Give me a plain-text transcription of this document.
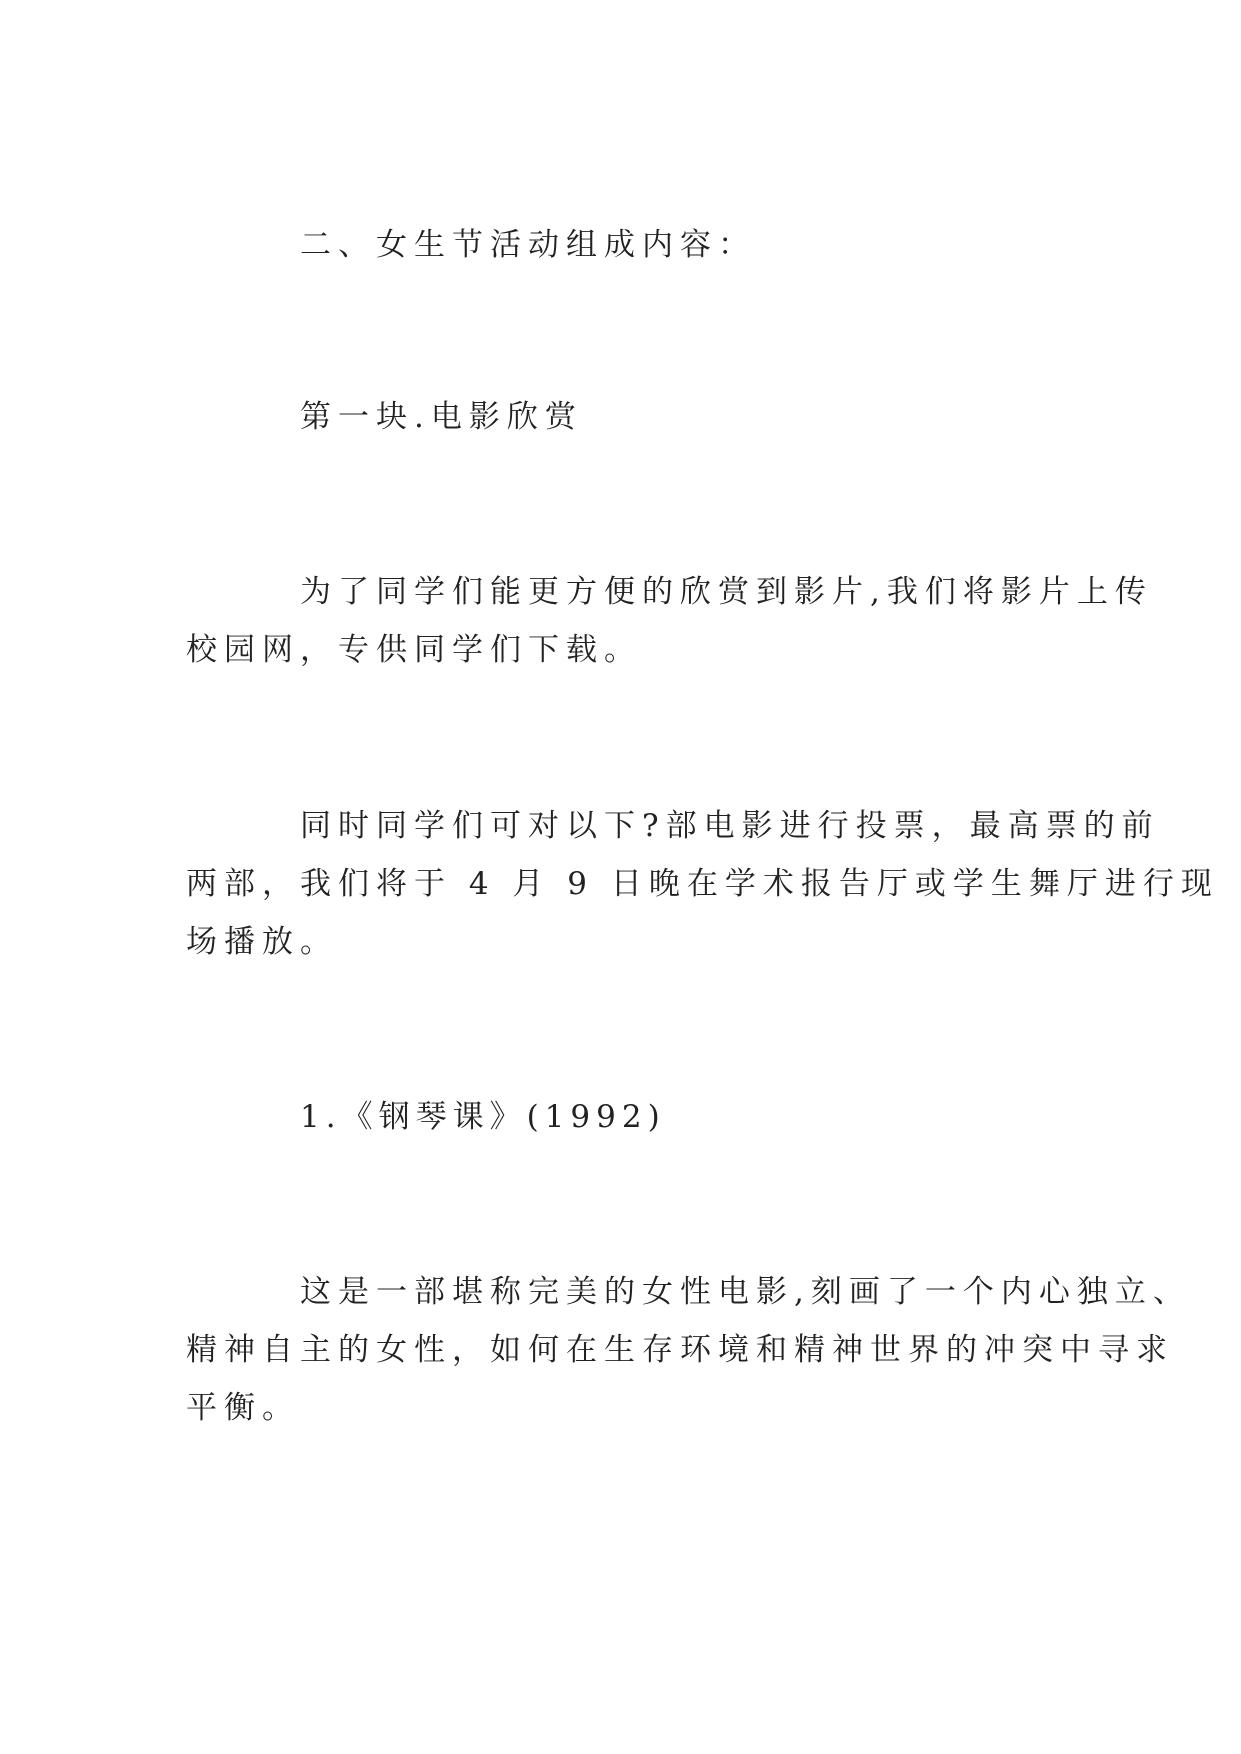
二、女生节活动组成内容：
第一块.电影欣赏
为了同学们能更方便的欣赏到影片,我们将影片上传
校园网，专供同学们下载。
同时同学们可对以下?部电影进行投票，最高票的前
两部，我们将于 4 月 9 日晚在学术报告厅或学生舞厅进行现
场播放。
1.《钢琴课》(1992)
这是一部堪称完美的女性电影,刻画了一个内心独立、
精神自主的女性，如何在生存环境和精神世界的冲突中寻求
平衡。
